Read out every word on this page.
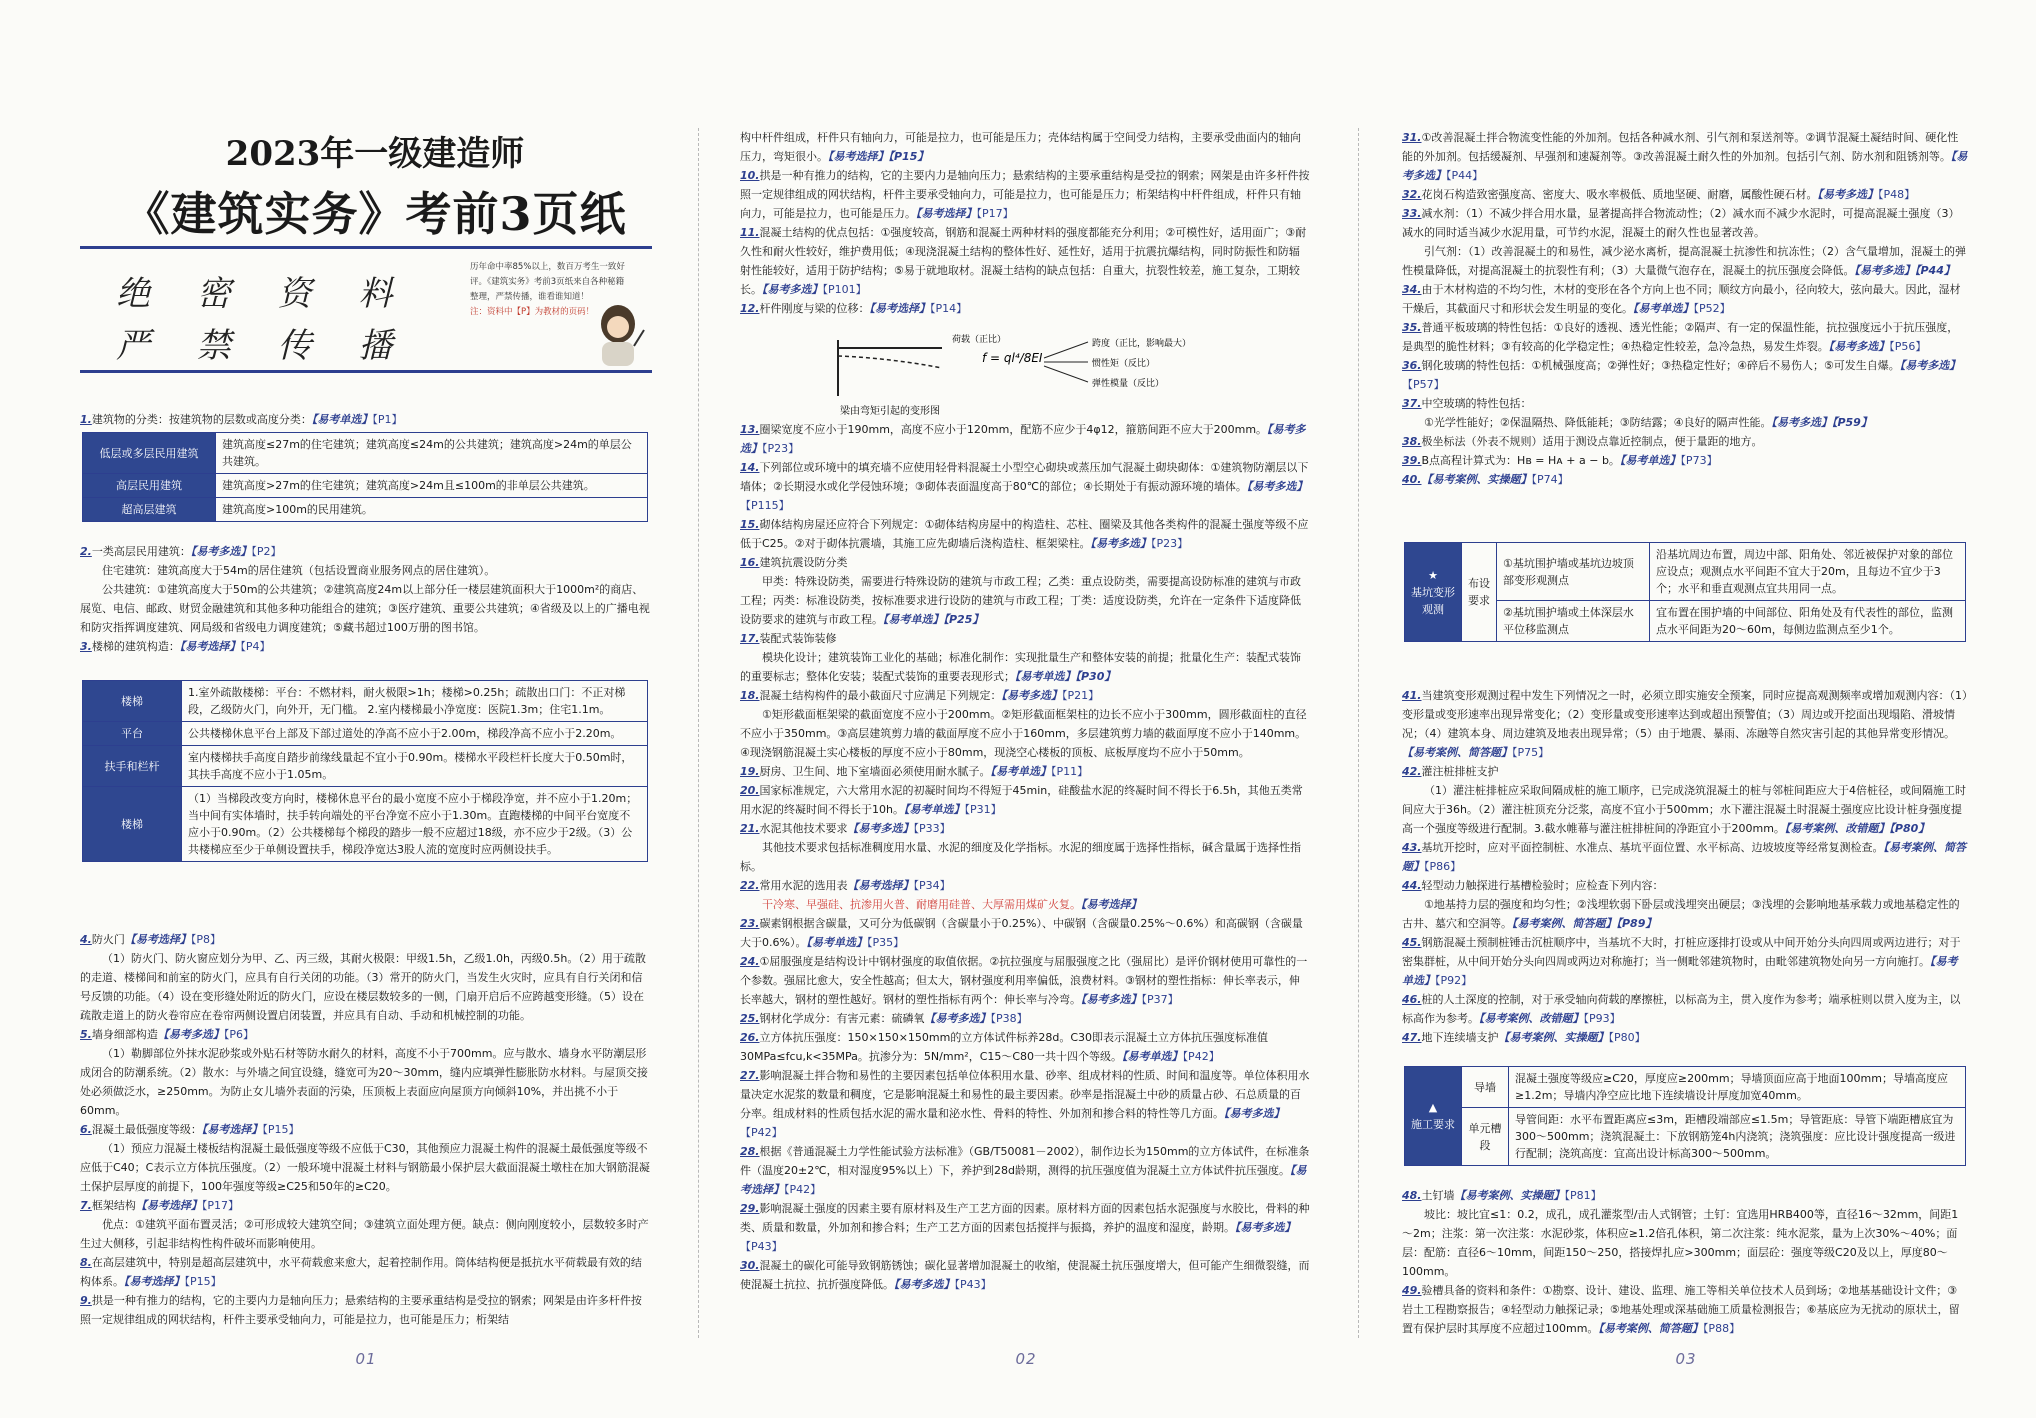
2023年一级建造师
《建筑实务》考前3页纸
绝 密 资 料
严 禁 传 播
历年命中率85%以上，数百万考生一致好评。《建筑实务》考前3页纸来自各种秘籍整理，严禁传播，谁看谁知道！
注：资料中【P】为教材的页码！

1.建筑物的分类：按建筑物的层数或高度分类：【易考单选】【P1】

低层或多层民用建筑	建筑高度≤27m的住宅建筑；建筑高度≤24m的公共建筑；建筑高度>24m的单层公共建筑。
高层民用建筑	建筑高度>27m的住宅建筑；建筑高度>24m且≤100m的非单层公共建筑。
超高层建筑	建筑高度>100m的民用建筑。

2.一类高层民用建筑：【易考多选】【P2】

住宅建筑：建筑高度大于54m的居住建筑（包括设置商业服务网点的居住建筑）。

公共建筑：①建筑高度大于50m的公共建筑；②建筑高度24m以上部分任一楼层建筑面积大于1000m²的商店、展览、电信、邮政、财贸金融建筑和其他多种功能组合的建筑；③医疗建筑、重要公共建筑；④省级及以上的广播电视和防灾指挥调度建筑、网局级和省级电力调度建筑；⑤藏书超过100万册的图书馆。

3.楼梯的建筑构造：【易考选择】【P4】

楼梯	1.室外疏散楼梯：平台：不燃材料，耐火极限>1h；楼梯>0.25h；疏散出口门：不正对梯段，乙级防火门，向外开，无门槛。 2.室内楼梯最小净宽度：医院1.3m；住宅1.1m。
平台	公共楼梯休息平台上部及下部过道处的净高不应小于2.00m，梯段净高不应小于2.20m。
扶手和栏杆	室内楼梯扶手高度自踏步前缘线量起不宜小于0.90m。楼梯水平段栏杆长度大于0.50m时，其扶手高度不应小于1.05m。
楼梯	（1）当梯段改变方向时，楼梯休息平台的最小宽度不应小于梯段净宽，并不应小于1.20m；当中间有实体墙时，扶手转向端处的平台净宽不应小于1.30m。直跑楼梯的中间平台宽度不应小于0.90m。（2）公共楼梯每个梯段的踏步一般不应超过18级，亦不应少于2级。（3）公共楼梯应至少于单侧设置扶手，梯段净宽达3股人流的宽度时应两侧设扶手。

4.防火门【易考选择】【P8】

（1）防火门、防火窗应划分为甲、乙、丙三级，其耐火极限：甲级1.5h，乙级1.0h，丙级0.5h。（2）用于疏散的走道、楼梯间和前室的防火门，应具有自行关闭的功能。（3）常开的防火门，当发生火灾时，应具有自行关闭和信号反馈的功能。（4）设在变形缝处附近的防火门，应设在楼层数较多的一侧，门扇开启后不应跨越变形缝。（5）设在疏散走道上的防火卷帘应在卷帘两侧设置启闭装置，并应具有自动、手动和机械控制的功能。

5.墙身细部构造【易考多选】【P6】

（1）勒脚部位外抹水泥砂浆或外贴石材等防水耐久的材料，高度不小于700mm。应与散水、墙身水平防潮层形成闭合的防潮系统。（2）散水：与外墙之间宜设缝，缝宽可为20～30mm，缝内应填弹性膨胀防水材料。与屋顶交接处必须做泛水，≥250mm。为防止女儿墙外表面的污染，压顶板上表面应向屋顶方向倾斜10%，并出挑不小于60mm。

6.混凝土最低强度等级：【易考选择】【P15】

（1）预应力混凝土楼板结构混凝土最低强度等级不应低于C30，其他预应力混凝土构件的混凝土最低强度等级不应低于C40；C表示立方体抗压强度。（2）一般环境中混凝土材料与钢筋最小保护层大截面混凝土墩柱在加大钢筋混凝土保护层厚度的前提下，100年强度等级≥C25和50年的≥C20。

7.框架结构【易考选择】【P17】

优点：①建筑平面布置灵活；②可形成较大建筑空间；③建筑立面处理方便。缺点：侧向刚度较小，层数较多时产生过大侧移，引起非结构性构件破坏而影响使用。

8.在高层建筑中，特别是超高层建筑中，水平荷载愈来愈大，起着控制作用。筒体结构便是抵抗水平荷载最有效的结构体系。【易考选择】【P15】

9.拱是一种有推力的结构，它的主要内力是轴向压力；悬索结构的主要承重结构是受拉的钢索；网架是由许多杆件按照一定规律组成的网状结构，杆件主要承受轴向力，可能是拉力，也可能是压力；桁架结

01

构中杆件组成，杆件只有轴向力，可能是拉力，也可能是压力；壳体结构属于空间受力结构，主要承受曲面内的轴向压力，弯矩很小。【易考选择】【P15】

10.拱是一种有推力的结构，它的主要内力是轴向压力；悬索结构的主要承重结构是受拉的钢索；网架是由许多杆件按照一定规律组成的网状结构，杆件主要承受轴向力，可能是拉力，也可能是压力；桁架结构中杆件组成，杆件只有轴向力，可能是拉力，也可能是压力。【易考选择】【P17】

11.混凝土结构的优点包括：①强度较高，钢筋和混凝土两种材料的强度都能充分利用；②可模性好，适用面广；③耐久性和耐火性较好，维护费用低；④现浇混凝土结构的整体性好、延性好，适用于抗震抗爆结构，同时防振性和防辐射性能较好，适用于防护结构；⑤易于就地取材。混凝土结构的缺点包括：自重大，抗裂性较差，施工复杂，工期较长。【易考多选】【P101】

12.杆件刚度与梁的位移：【易考选择】【P14】

荷载（正比）
f = ql⁴/8EI
跨度（正比，影响最大）
惯性矩（反比）
弹性模量（反比）
梁由弯矩引起的变形图

13.圈梁宽度不应小于190mm，高度不应小于120mm，配筋不应少于4φ12，箍筋间距不应大于200mm。【易考多选】【P23】

14.下列部位或环境中的填充墙不应使用轻骨料混凝土小型空心砌块或蒸压加气混凝土砌块砌体：①建筑物防潮层以下墙体；②长期浸水或化学侵蚀环境；③砌体表面温度高于80℃的部位；④长期处于有振动源环境的墙体。【易考多选】【P115】

15.砌体结构房屋还应符合下列规定：①砌体结构房屋中的构造柱、芯柱、圈梁及其他各类构件的混凝土强度等级不应低于C25。②对于砌体抗震墙，其施工应先砌墙后浇构造柱、框架梁柱。【易考多选】【P23】

16.建筑抗震设防分类

甲类：特殊设防类，需要进行特殊设防的建筑与市政工程；乙类：重点设防类，需要提高设防标准的建筑与市政工程；丙类：标准设防类，按标准要求进行设防的建筑与市政工程；丁类：适度设防类，允许在一定条件下适度降低设防要求的建筑与市政工程。【易考单选】【P25】

17.装配式装饰装修

模块化设计；建筑装饰工业化的基础；标准化制作：实现批量生产和整体安装的前提；批量化生产：装配式装饰的重要标志；整体化安装；装配式装饰的重要表现形式；【易考单选】【P30】

18.混凝土结构构件的最小截面尺寸应满足下列规定：【易考多选】【P21】

①矩形截面框架梁的截面宽度不应小于200mm。②矩形截面框架柱的边长不应小于300mm，圆形截面柱的直径不应小于350mm。③高层建筑剪力墙的截面厚度不应小于160mm，多层建筑剪力墙的截面厚度不应小于140mm。④现浇钢筋混凝土实心楼板的厚度不应小于80mm，现浇空心楼板的顶板、底板厚度均不应小于50mm。

19.厨房、卫生间、地下室墙面必须使用耐水腻子。【易考单选】【P11】

20.国家标准规定，六大常用水泥的初凝时间均不得短于45min，硅酸盐水泥的终凝时间不得长于6.5h，其他五类常用水泥的终凝时间不得长于10h。【易考单选】【P31】

21.水泥其他技术要求【易考多选】【P33】

其他技术要求包括标准稠度用水量、水泥的细度及化学指标。水泥的细度属于选择性指标，碱含量属于选择性指标。

22.常用水泥的选用表【易考选择】【P34】

干冷寒、早强硅、抗渗用火普、耐磨用硅普、大厚需用煤矿火复。【易考选择】

23.碳素钢根据含碳量，又可分为低碳钢（含碳量小于0.25%）、中碳钢（含碳量0.25%～0.6%）和高碳钢（含碳量大于0.6%）。【易考单选】【P35】

24.①屈服强度是结构设计中钢材强度的取值依据。②抗拉强度与屈服强度之比（强屈比）是评价钢材使用可靠性的一个参数。强屈比愈大，安全性越高；但太大，钢材强度利用率偏低，浪费材料。③钢材的塑性指标：伸长率表示，伸长率越大，钢材的塑性越好。钢材的塑性指标有两个：伸长率与冷弯。【易考多选】【P37】

25.钢材化学成分：有害元素：硫磷氧【易考多选】【P38】

26.立方体抗压强度：150×150×150mm的立方体试件标养28d。C30即表示混凝土立方体抗压强度标准值30MPa≤fcu,k<35MPa。抗渗分为：5N/mm²，C15～C80一共十四个等级。【易考单选】【P42】

27.影响混凝土拌合物和易性的主要因素包括单位体积用水量、砂率、组成材料的性质、时间和温度等。单位体积用水量决定水泥浆的数量和稠度，它是影响混凝土和易性的最主要因素。砂率是指混凝土中砂的质量占砂、石总质量的百分率。组成材料的性质包括水泥的需水量和泌水性、骨料的特性、外加剂和掺合料的特性等几方面。【易考多选】【P42】

28.根据《普通混凝土力学性能试验方法标准》（GB/T50081－2002），制作边长为150mm的立方体试件，在标准条件（温度20±2℃，相对湿度95%以上）下，养护到28d龄期，测得的抗压强度值为混凝土立方体试件抗压强度。【易考选择】【P42】

29.影响混凝土强度的因素主要有原材料及生产工艺方面的因素。原材料方面的因素包括水泥强度与水胶比，骨料的种类、质量和数量，外加剂和掺合料；生产工艺方面的因素包括搅拌与振捣，养护的温度和湿度，龄期。【易考多选】【P43】

30.混凝土的碳化可能导致钢筋锈蚀；碳化显著增加混凝土的收缩，使混凝土抗压强度增大，但可能产生细微裂缝，而使混凝土抗拉、抗折强度降低。【易考多选】【P43】

02

31.①改善混凝土拌合物流变性能的外加剂。包括各种减水剂、引气剂和泵送剂等。②调节混凝土凝结时间、硬化性能的外加剂。包括缓凝剂、早强剂和速凝剂等。③改善混凝土耐久性的外加剂。包括引气剂、防水剂和阻锈剂等。【易考多选】【P44】

32.花岗石构造致密强度高、密度大、吸水率极低、质地坚硬、耐磨，属酸性硬石材。【易考多选】【P48】

33.减水剂：（1）不减少拌合用水量，显著提高拌合物流动性；（2）减水而不减少水泥时，可提高混凝土强度（3）减水的同时适当减少水泥用量，可节约水泥，混凝土的耐久性也显著改善。

引气剂：（1）改善混凝土的和易性，减少泌水离析，提高混凝土抗渗性和抗冻性；（2）含气量增加，混凝土的弹性模量降低，对提高混凝土的抗裂性有利；（3）大量微气泡存在，混凝土的抗压强度会降低。【易考多选】【P44】

34.由于木材构造的不均匀性，木材的变形在各个方向上也不同；顺纹方向最小，径向较大，弦向最大。因此，湿材干燥后，其截面尺寸和形状会发生明显的变化。【易考单选】【P52】

35.普通平板玻璃的特性包括：①良好的透视、透光性能；②隔声、有一定的保温性能，抗拉强度远小于抗压强度，是典型的脆性材料；③有较高的化学稳定性；④热稳定性较差，急冷急热，易发生炸裂。【易考多选】【P56】

36.钢化玻璃的特性包括：①机械强度高；②弹性好；③热稳定性好；④碎后不易伤人；⑤可发生自爆。【易考多选】【P57】

37.中空玻璃的特性包括：

①光学性能好；②保温隔热、降低能耗；③防结露；④良好的隔声性能。【易考多选】【P59】

38.极坐标法（外表不规则）适用于测设点靠近控制点，便于量距的地方。

39.B点高程计算式为：Hв = Hᴀ + a − b。【易考单选】【P73】

40.【易考案例、实操题】【P74】

★
基坑变形观测	布设要求	①基坑围护墙或基坑边坡顶部变形观测点	沿基坑周边布置，周边中部、阳角处、邻近被保护对象的部位应设点；观测点水平间距不宜大于20m，且每边不宜少于3个；水平和垂直观测点宜共用同一点。
		②基坑围护墙或土体深层水平位移监测点	宜布置在围护墙的中间部位、阳角处及有代表性的部位，监测点水平间距为20～60m，每侧边监测点至少1个。

41.当建筑变形观测过程中发生下列情况之一时，必须立即实施安全预案，同时应提高观测频率或增加观测内容：（1）变形量或变形速率出现异常变化；（2）变形量或变形速率达到或超出预警值；（3）周边或开挖面出现塌陷、滑坡情况；（4）建筑本身、周边建筑及地表出现异常；（5）由于地震、暴雨、冻融等自然灾害引起的其他异常变形情况。【易考案例、简答题】【P75】

42.灌注桩排桩支护

（1）灌注桩排桩应采取间隔成桩的施工顺序，已完成浇筑混凝土的桩与邻桩间距应大于4倍桩径，或间隔施工时间应大于36h。（2）灌注桩顶充分泛浆，高度不宜小于500mm；水下灌注混凝土时混凝土强度应比设计桩身强度提高一个强度等级进行配制。3.截水帷幕与灌注桩排桩间的净距宜小于200mm。【易考案例、改错题】【P80】

43.基坑开挖时，应对平面控制桩、水准点、基坑平面位置、水平标高、边坡坡度等经常复测检查。【易考案例、简答题】【P86】

44.轻型动力触探进行基槽检验时；应检查下列内容：

①地基持力层的强度和均匀性；②浅埋软弱下卧层或浅埋突出硬层；③浅埋的会影响地基承载力或地基稳定性的古井、墓穴和空洞等。【易考案例、简答题】【P89】

45.钢筋混凝土预制桩锤击沉桩顺序中，当基坑不大时，打桩应逐排打设或从中间开始分头向四周或两边进行；对于密集群桩，从中间开始分头向四周或两边对称施打；当一侧毗邻建筑物时，由毗邻建筑物处向另一方向施打。【易考单选】【P92】

46.桩的人土深度的控制，对于承受轴向荷载的摩擦桩，以标高为主，贯入度作为参考；端承桩则以贯入度为主，以标高作为参考。【易考案例、改错题】【P93】

47.地下连续墙支护【易考案例、实操题】【P80】

▲
施工要求	导墙	混凝土强度等级应≥C20，厚度应≥200mm；导墙顶面应高于地面100mm；导墙高度应≥1.2m；导墙内净空应比地下连续墙设计厚度加宽40mm。
	单元槽段	导管间距：水平布置距离应≤3m，距槽段端部应≤1.5m；导管距底：导管下端距槽底宜为300～500mm；浇筑混凝土：下放钢筋笼4h内浇筑；浇筑强度：应比设计强度提高一级进行配制；浇筑高度：宜高出设计标高300～500mm。

48.土钉墙【易考案例、实操题】【P81】

坡比：坡比宜≤1：0.2，成孔，成孔灌浆型/击人式钢管；土钉：宜选用HRB400等，直径16～32mm，间距1～2m；注浆：第一次注浆：水泥砂浆，体积应≥1.2倍孔体积，第二次注浆：纯水泥浆，量为上次30%～40%；面层：配筋：直径6～10mm，间距150～250，搭接焊扎应>300mm；面层砼：强度等级C20及以上，厚度80～100mm。

49.验槽具备的资料和条件：①勘察、设计、建设、监理、施工等相关单位技术人员到场；②地基基础设计文件；③岩土工程勘察报告；④轻型动力触探记录；⑤地基处理或深基础施工质量检测报告；⑥基底应为无扰动的原状土，留置有保护层时其厚度不应超过100mm。【易考案例、简答题】【P88】

03
